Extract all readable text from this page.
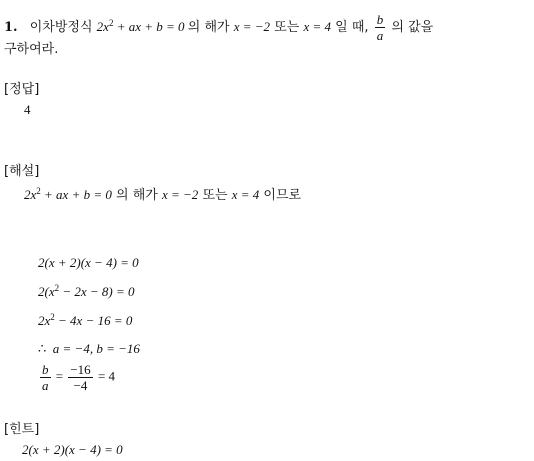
1. 이차방정식 $2x^2$ + ax + b = 0 의 해가 x = −2 또는 x = 4 일 때, $\frac{b}{a}$ 의 값을
구하여라.
[정답]
4
[해설]
$2x^2$ + ax + b = 0 의 해가 x = −2 또는 x = 4 이므로
2(x + 2)(x − 4) = 0
$2(x^2 - 2x - 8) = 0$
$2x^2 - 4x - 16 = 0$
∴ a = −4, b = −16
$\frac{b}{a} = \frac{-16}{-4} = 4$
[힌트]
2(x + 2)(x − 4) = 0
